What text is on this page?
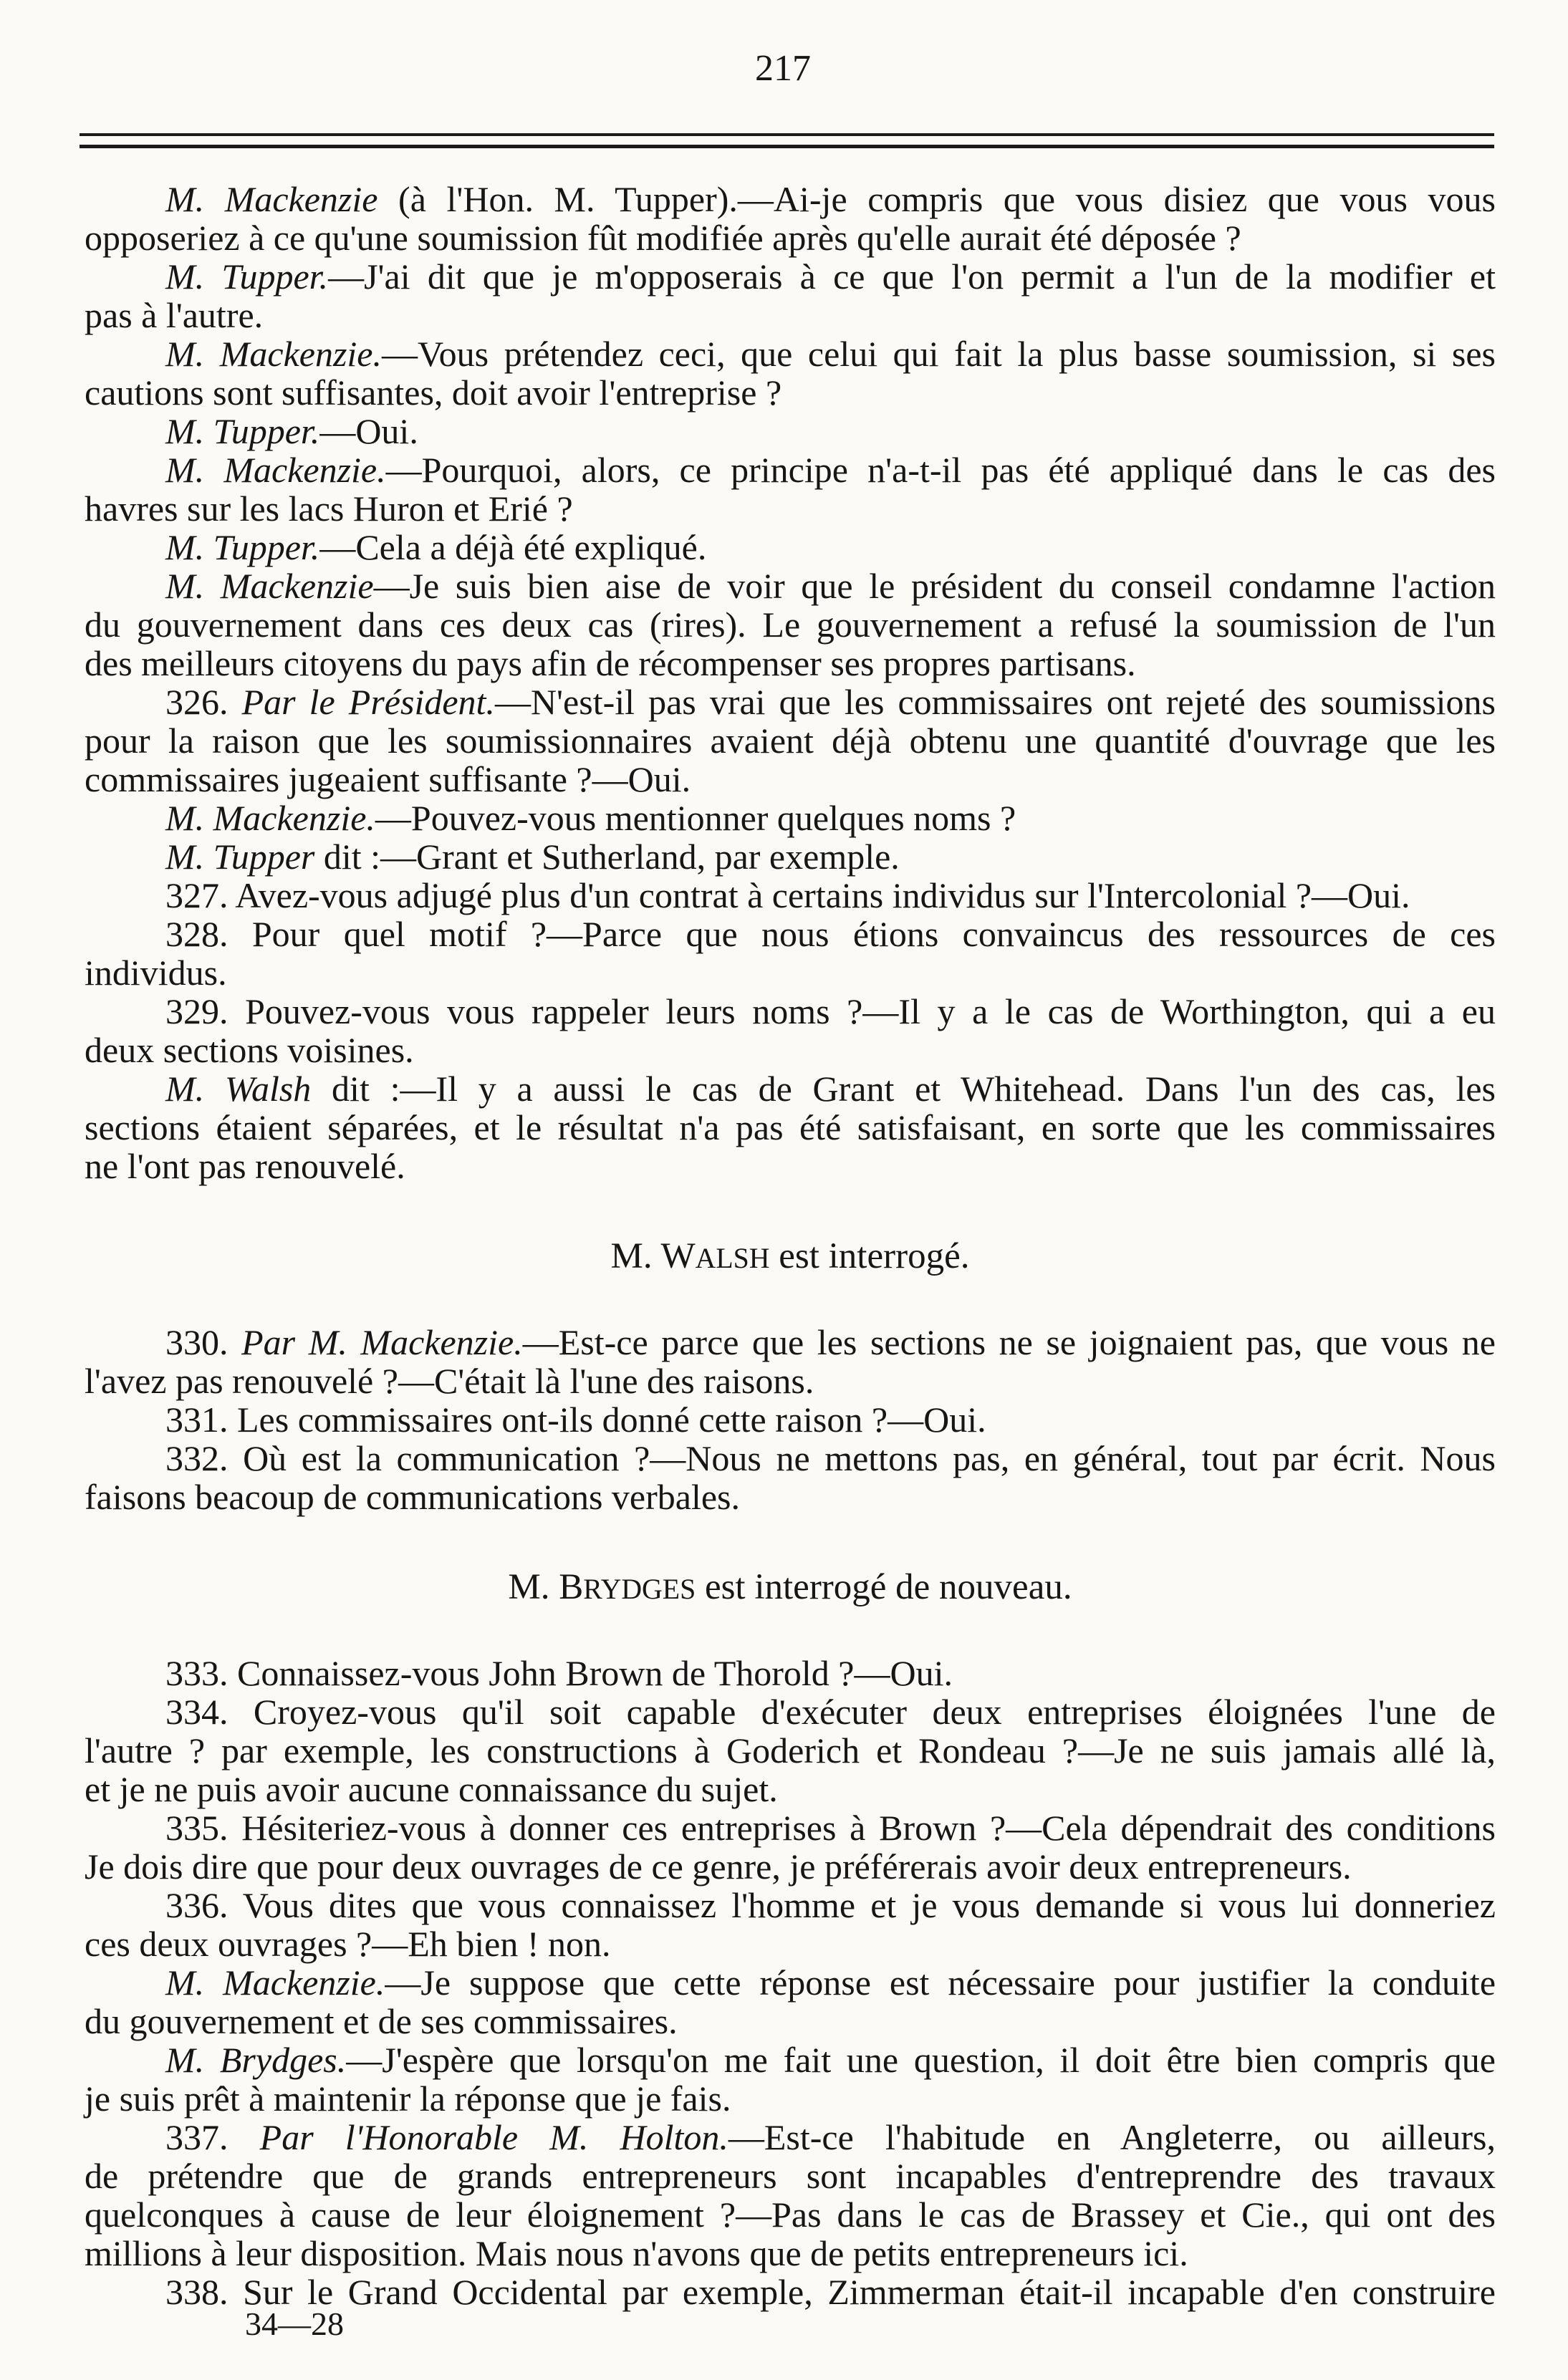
217
M. Mackenzie (à l'Hon. M. Tupper).—Ai-je compris que vous disiez que vous vous
opposeriez à ce qu'une soumission fût modifiée après qu'elle aurait été déposée ?
M. Tupper.—J'ai dit que je m'opposerais à ce que l'on permit a l'un de la modifier et
pas à l'autre.
M. Mackenzie.—Vous prétendez ceci, que celui qui fait la plus basse soumission, si ses
cautions sont suffisantes, doit avoir l'entreprise ?
M. Tupper.—Oui.
M. Mackenzie.—Pourquoi, alors, ce principe n'a-t-il pas été appliqué dans le cas des
havres sur les lacs Huron et Erié ?
M. Tupper.—Cela a déjà été expliqué.
M. Mackenzie—Je suis bien aise de voir que le président du conseil condamne l'action
du gouvernement dans ces deux cas (rires). Le gouvernement a refusé la soumission de l'un
des meilleurs citoyens du pays afin de récompenser ses propres partisans.
326. Par le Président.—N'est-il pas vrai que les commissaires ont rejeté des soumissions
pour la raison que les soumissionnaires avaient déjà obtenu une quantité d'ouvrage que les
commissaires jugeaient suffisante ?—Oui.
M. Mackenzie.—Pouvez-vous mentionner quelques noms ?
M. Tupper dit :—Grant et Sutherland, par exemple.
327. Avez-vous adjugé plus d'un contrat à certains individus sur l'Intercolonial ?—Oui.
328. Pour quel motif ?—Parce que nous étions convaincus des ressources de ces
individus.
329. Pouvez-vous vous rappeler leurs noms ?—Il y a le cas de Worthington, qui a eu
deux sections voisines.
M. Walsh dit :—Il y a aussi le cas de Grant et Whitehead. Dans l'un des cas, les
sections étaient séparées, et le résultat n'a pas été satisfaisant, en sorte que les commissaires
ne l'ont pas renouvelé.
M. WALSH est interrogé.
330. Par M. Mackenzie.—Est-ce parce que les sections ne se joignaient pas, que vous ne
l'avez pas renouvelé ?—C'était là l'une des raisons.
331. Les commissaires ont-ils donné cette raison ?—Oui.
332. Où est la communication ?—Nous ne mettons pas, en général, tout par écrit. Nous
faisons beacoup de communications verbales.
M. BRYDGES est interrogé de nouveau.
333. Connaissez-vous John Brown de Thorold ?—Oui.
334. Croyez-vous qu'il soit capable d'exécuter deux entreprises éloignées l'une de
l'autre ? par exemple, les constructions à Goderich et Rondeau ?—Je ne suis jamais allé là,
et je ne puis avoir aucune connaissance du sujet.
335. Hésiteriez-vous à donner ces entreprises à Brown ?—Cela dépendrait des conditions
Je dois dire que pour deux ouvrages de ce genre, je préférerais avoir deux entrepreneurs.
336. Vous dites que vous connaissez l'homme et je vous demande si vous lui donneriez
ces deux ouvrages ?—Eh bien ! non.
M. Mackenzie.—Je suppose que cette réponse est nécessaire pour justifier la conduite
du gouvernement et de ses commissaires.
M. Brydges.—J'espère que lorsqu'on me fait une question, il doit être bien compris que
je suis prêt à maintenir la réponse que je fais.
337. Par l'Honorable M. Holton.—Est-ce l'habitude en Angleterre, ou ailleurs,
de prétendre que de grands entrepreneurs sont incapables d'entreprendre des travaux
quelconques à cause de leur éloignement ?—Pas dans le cas de Brassey et Cie., qui ont des
millions à leur disposition. Mais nous n'avons que de petits entrepreneurs ici.
338. Sur le Grand Occidental par exemple, Zimmerman était-il incapable d'en construire
34—28
